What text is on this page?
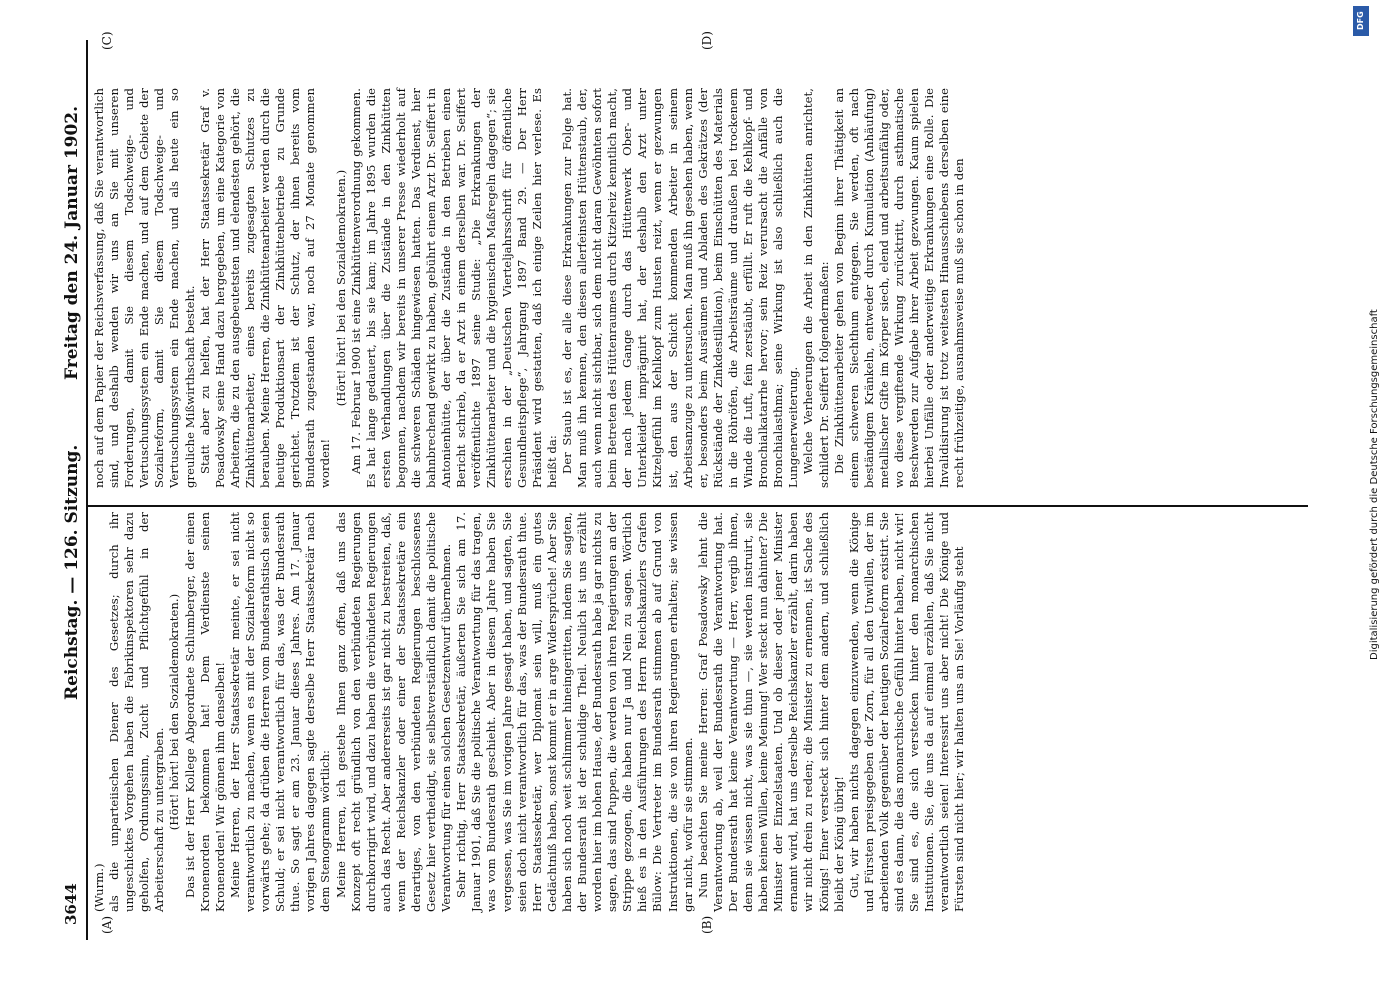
3644
Reichstag. — 126. Sitzung.
Freitag den 24. Januar 1902.
(A)	(B)
(C)	(D)

(Wurm.) als die unparteiischen Diener des Gesetzes; durch ihr ungeschicktes Vorgehen haben die Fabrikinspektoren sehr dazu geholfen, Ordnungssinn, Zucht und Pflichtgefühl in der Arbeiterschaft zu untergraben. (Hört! hört! bei den Sozialdemokraten.) Das ist der Herr Kollege Abgeordnete Schlumberger, der einen Kronenorden bekommen hat! Dem Verdienste seinen Kronenorden! Wir gönnen ihm denselben! Meine Herren, der Herr Staatssekretär meinte, er sei nicht verantwortlich zu machen, wenn es mit der Sozialreform nicht so vorwärts gehe; da drüben die Herren vom Bundesrathstisch seien Schuld; er sei nicht verantwortlich für das, was der Bundesrath thue. So sagt er am 23. Januar dieses Jahres. Am 17. Januar vorigen Jahres dagegen sagte derselbe Herr Staatssekretär nach dem Stenogramm wörtlich: Meine Herren, ich gestehe Ihnen ganz offen, daß uns das Konzept oft recht gründlich von den verbündeten Regierungen durchkorrigirt wird, und dazu haben die verbündeten Regierungen auch das Recht. Aber andererseits ist gar nicht zu bestreiten, daß, wenn der Reichskanzler oder einer der Staatssekretäre ein derartiges, von den verbündeten Regierungen beschlossenes Gesetz hier vertheidigt, sie selbstverständlich damit die politische Verantwortung für einen solchen Gesetzentwurf übernehmen. Sehr richtig, Herr Staatssekretär, äußerten Sie sich am 17. Januar 1901, daß Sie die politische Verantwortung für das tragen, was vom Bundesrath geschieht. Aber in diesem Jahre haben Sie vergessen, was Sie im vorigen Jahre gesagt haben, und sagten, Sie seien doch nicht verantwortlich für das, was der Bundesrath thue. Herr Staatssekretär, wer Diplomat sein will, muß ein gutes Gedächtniß haben, sonst kommt er in arge Widersprüche! Aber Sie haben sich noch weit schlimmer hineingeritten, indem Sie sagten, der Bundesrath ist der schuldige Theil. Neulich ist uns erzählt worden hier im hohen Hause, der Bundesrath habe ja gar nichts zu sagen, das sind Puppen, die werden von ihren Regierungen an der Strippe gezogen, die haben nur Ja und Nein zu sagen. Wörtlich hieß es in den Ausführungen des Herrn Reichskanzlers Grafen Bülow: Die Vertreter im Bundesrath stimmen ab auf Grund von Instruktionen, die sie von ihren Regierungen erhalten; sie wissen gar nicht, wofür sie stimmen. Nun beachten Sie meine Herren: Graf Posadowsky lehnt die Verantwortung ab, weil der Bundesrath die Verantwortung hat. Der Bundesrath hat keine Verantwortung — Herr, vergib ihnen, denn sie wissen nicht, was sie thun —, sie werden instruirt, sie haben keinen Willen, keine Meinung! Wer steckt nun dahinter? Die Minister der Einzelstaaten. Und ob dieser oder jener Minister ernannt wird, hat uns derselbe Reichskanzler erzählt, darin haben wir nicht drein zu reden; die Minister zu ernennen, ist Sache des Königs! Einer versteckt sich hinter dem andern, und schließlich bleibt der König übrig! Gut, wir haben nichts dagegen einzuwenden, wenn die Könige und Fürsten preisgegeben der Zorn, für all den Unwillen, der im arbeitenden Volk gegenüber der heutigen Sozialreform existirt. Sie sind es dann, die das monarchische Gefühl hinter haben, nicht wir! Sie sind es, die sich verstecken hinter den monarchischen Institutionen. Sie, die uns da auf einmal erzählen, daß Sie nicht verantwortlich seien! Interessirt uns aber nicht! Die Könige und Fürsten sind nicht hier; wir halten uns an Sie! Vorläufig steht

noch auf dem Papier der Reichsverfassung, daß Sie verantwortlich sind, und deshalb wenden wir uns an Sie mit unseren Forderungen, damit Sie diesem Todschweige- und Vertuschungssystem ein Ende machen, und auf dem Gebiete der Sozialreform, damit Sie diesem Todschweige- und Vertuschungssystem ein Ende machen, und als heute ein so greuliche Mißwirthschaft besteht. Statt aber zu helfen, hat der Herr Staatssekretär Graf v. Posadowsky seine Hand dazu hergegeben, um eine Kategorie von Arbeitern, die zu den ausgebeutetsten und elendesten gehört, die Zinkhüttenarbeiter, eines bereits zugesagten Schutzes zu berauben. Meine Herren, die Zinkhüttenarbeiter werden durch die heutige Produktionsart der Zinkhüttenbetriebe zu Grunde gerichtet. Trotzdem ist der Schutz, der ihnen bereits vom Bundesrath zugestanden war, noch auf 27 Monate genommen worden!

(Hört! hört! bei den Sozialdemokraten.) Am 17. Februar 1900 ist eine Zinkhüttenverordnung gekommen. Es hat lange gedauert, bis sie kam; im Jahre 1895 wurden die ersten Verhandlungen über die Zustände in den Zinkhütten begonnen, nachdem wir bereits in unserer Presse wiederholt auf die schweren Schäden hingewiesen hatten. Das Verdienst, hier bahnbrechend gewirkt zu haben, gebührt einem Arzt Dr. Seiffert in Antonienhütte, der über die Zustände in den Betrieben einen Bericht schrieb, da er Arzt in einem derselben war. Dr. Seiffert veröffentlichte 1897 seine Studie: „Die Erkrankungen der Zinkhüttenarbeiter und die hygienischen Maßregeln dagegen“; sie erschien in der „Deutschen Vierteljahrsschrift für öffentliche Gesundheitspflege“, Jahrgang 1897 Band 29. — Der Herr Präsident wird gestatten, daß ich einige Zeilen hier verlese. Es heißt da: Der Staub ist es, der alle diese Erkrankungen zur Folge hat. Man muß ihn kennen, den diesen allerfeinsten Hüttenstaub, der, auch wenn nicht sichtbar, sich dem nicht daran Gewöhnten sofort beim Betreten des Hüttenraumes durch Kitzelreiz kenntlich macht, der nach jedem Gange durch das Hüttenwerk Ober- und Unterkleider imprägnirt hat, der deshalb den Arzt unter Kitzelgefühl im Kehlkopf zum Husten reizt, wenn er gezwungen ist, den aus der Schicht kommenden Arbeiter in seinem Arbeitsanzuge zu untersuchen. Man muß ihn gesehen haben, wenn er, besonders beim Ausräumen und Abladen des Gekrätzes (der Rückstände der Zinkdestillation), beim Einschütten des Materials in die Röhröfen, die Arbeitsräume und draußen bei trockenem Winde die Luft, fein zerstäubt, erfüllt. Er ruft die Kehlkopf- und Bronchialkatarrhe hervor; sein Reiz verursacht die Anfälle von Bronchialasthma; seine Wirkung ist also schließlich auch die Lungenerweiterung. Welche Verheerungen die Arbeit in den Zinkhütten anrichtet, schildert Dr. Seiffert folgendermaßen: Die Zinkhüttenarbeiter gehen von Beginn ihrer Thätigkeit an einem schweren Siechthum entgegen. Sie werden, oft nach beständigem Kränkeln, entweder durch Kumulation (Anhäufung) metallischer Gifte im Körper siech, elend und arbeitsunfähig oder, wo diese vergiftende Wirkung zurücktritt, durch asthmatische Beschwerden zur Aufgabe ihrer Arbeit gezwungen. Kaum spielen hierbei Unfälle oder anderweitige Erkrankungen eine Rolle. Die Invalidisirung ist trotz weitesten Hinausschiebens derselben eine recht frühzeitige, ausnahmsweise muß sie schon in den	Digitalisierung gefördert durch die Deutsche Forschungsgemeinschaft
DFG
